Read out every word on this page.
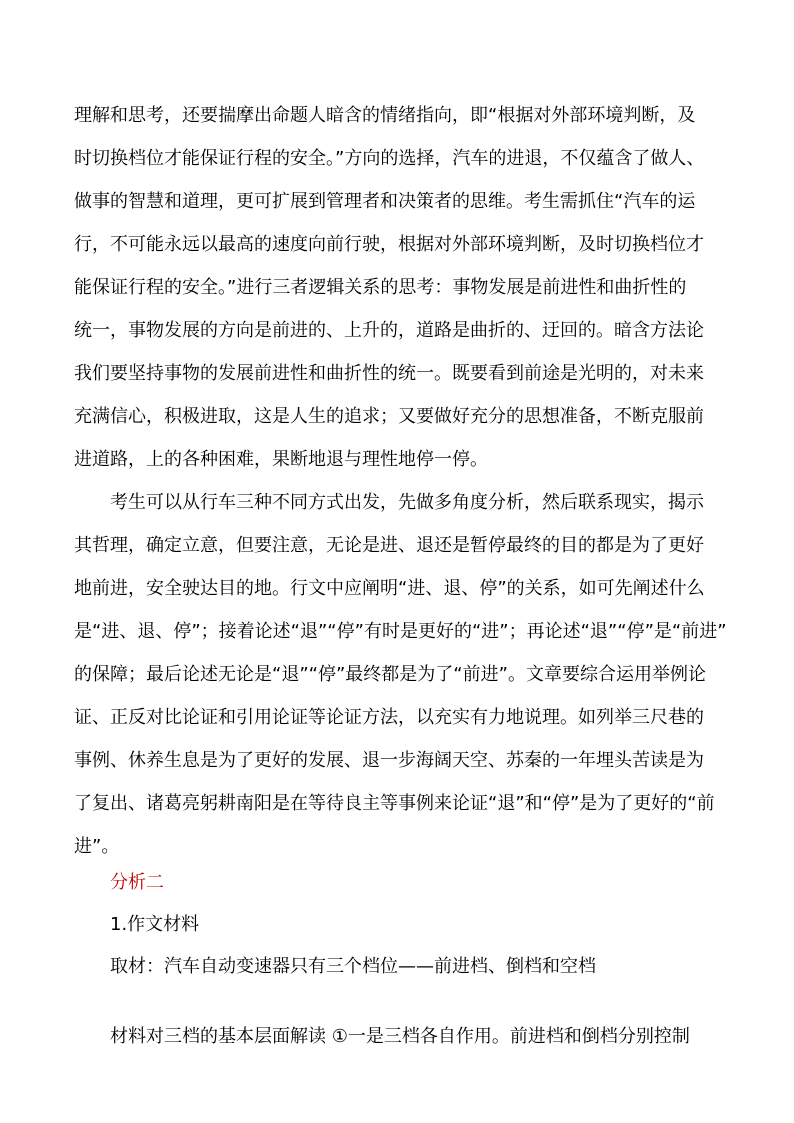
理解和思考，还要揣摩出命题人暗含的情绪指向，即“根据对外部环境判断，及
时切换档位才能保证行程的安全。”方向的选择，汽车的进退，不仅蕴含了做人、
做事的智慧和道理，更可扩展到管理者和决策者的思维。考生需抓住“汽车的运
行，不可能永远以最高的速度向前行驶，根据对外部环境判断，及时切换档位才
能保证行程的安全。”进行三者逻辑关系的思考：事物发展是前进性和曲折性的
统一，事物发展的方向是前进的、上升的，道路是曲折的、迂回的。暗含方法论
我们要坚持事物的发展前进性和曲折性的统一。既要看到前途是光明的，对未来
充满信心，积极进取，这是人生的追求；又要做好充分的思想准备，不断克服前
进道路，上的各种困难，果断地退与理性地停一停。
考生可以从行车三种不同方式出发，先做多角度分析，然后联系现实，揭示
其哲理，确定立意，但要注意，无论是进、退还是暂停最终的目的都是为了更好
地前进，安全驶达目的地。行文中应阐明“进、退、停”的关系，如可先阐述什么
是“进、退、停”；接着论述“退”“停”有时是更好的“进”；再论述“退”“停”是“前进”
的保障；最后论述无论是“退”“停”最终都是为了“前进”。文章要综合运用举例论
证、正反对比论证和引用论证等论证方法，以充实有力地说理。如列举三尺巷的
事例、休养生息是为了更好的发展、退一步海阔天空、苏秦的一年埋头苦读是为
了复出、诸葛亮躬耕南阳是在等待良主等事例来论证“退”和“停”是为了更好的“前
进”。
分析二
1.作文材料
取材：汽车自动变速器只有三个档位——前进档、倒档和空档
材料对三档的基本层面解读 ①一是三档各自作用。前进档和倒档分别控制
